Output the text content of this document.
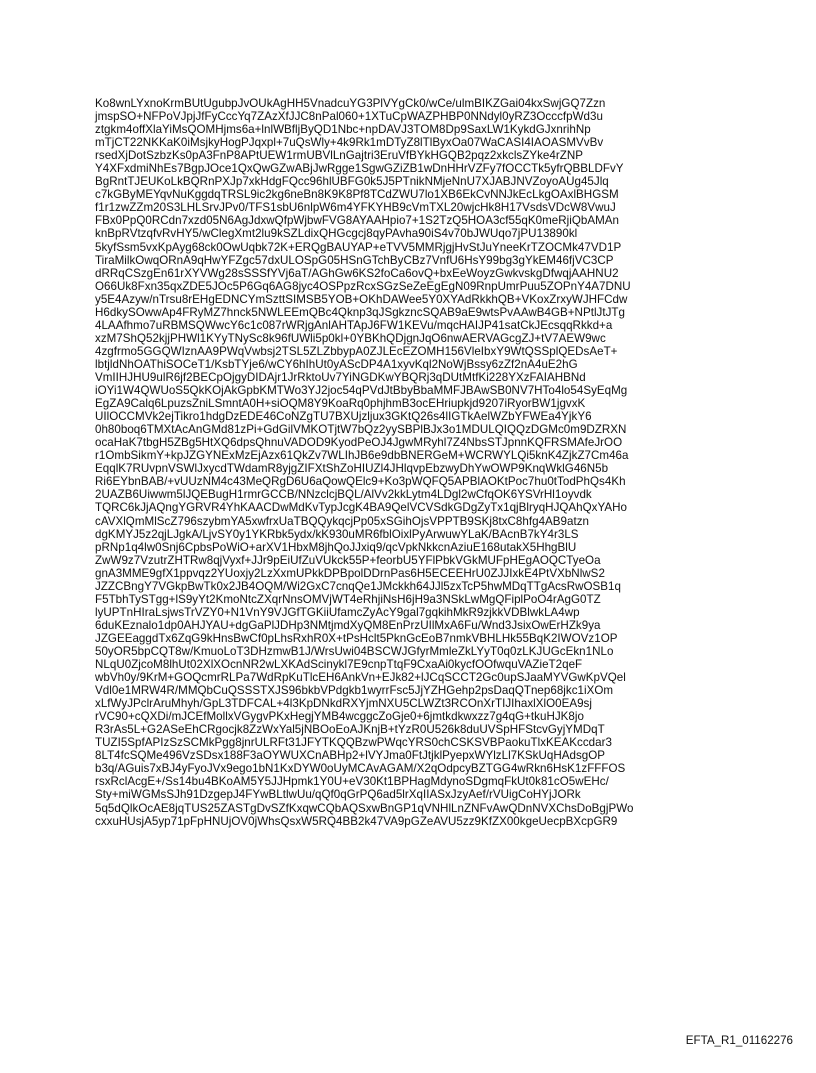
Ko8wnLYxnoKrmBUtUgubpJvOUkAgHH5VnadcuYG3PlVYgCk0/wCe/ulmBIKZGai04kxSwjGQ7Zzn
jmspSO+NFPoVJpjJfFyCccYq7ZAzXfJJC8nPal060+1XTuCpWAZPHBP0NNdyl0yRZ3OcccfpWd3u
ztgkm4offXlaYiMsQOMHjms6a+lnlWBfljByQD1Nbc+npDAVJ3TOM8Dp9SaxLW1KykdGJxnrihNp
mTjCT22NKKaK0iMsjkyHogPJqxpl+7uQsWly+4k9Rk1mDTyZ8lTlByxOa07WaCASI4IAOASMVvBv
rsedXjDotSzbzKs0pA3FnP8APtUEW1rmUBVlLnGajtri3EruVfBYkHGQB2pqz2xkclsZYke4rZNP
Y4XFxdmiNhEs7BgpJOce1QxQwGZwABjJwRgge1SgwGZiZB1wDnHHrVZFy7fOCCTk5yfrQBBLDFvY
BgRntTJEUKoLkBQRnPXJp7xkHdgFQcc96hlUBFG0k5J5PTnikNMjeNnU7XJABJNVZoyoAUg45Jlq
c7kGByMEYqvNuKggdqTRSL9ic2kg6neBn8K9K8Pf8TCdZWU7lo1XB6EkCvNNJkEcLkgOAxlBHGSM
f1r1zwZZm20S3LHLSrvJPv0/TFS1sbU6nlpW6m4YFKYHB9cVmTXL20wjcHk8H17VsdsVDcW8VwuJ
FBx0PpQ0RCdn7xzd05N6AgJdxwQfpWjbwFVG8AYAAHpio7+1S2TzQ5HOA3cf55qK0meRjiQbAMAn
knBpRVtzqfvRvHY5/wClegXmt2lu9kSZLdixQHGcgcj8qyPAvha90iS4v70bJWUqo7jPU13890kl
5kyfSsm5vxKpAyg68ck0OwUqbk72K+ERQgBAUYAP+eTVV5MMRjgjHvStJuYneeKrTZOCMk47VD1P
TiraMilkOwqORnA9qHwYFZgc57dxULOSpG05HSnGTchByCBz7VnfU6HsY99bg3gYkEM46fjVC3CP
dRRqCSzgEn61rXYVWg28sSSSfYVj6aT/AGhGw6KS2foCa6ovQ+bxEeWoyzGwkvskgDfwqjAAHNU2
O66Uk8Fxn35qxZDE5JOc5P6Gq6AG8jyc4OSPpzRcxSGzSeZeEgEgN09RnpUmrPuu5ZOPnY4A7DNU
y5E4Azyw/nTrsu8rEHgEDNCYmSzttSIMSB5YOB+OKhDAWee5Y0XYAdRkkhQB+VKoxZrxyWJHFCdw
H6dkySOwwAp4FRyMZ7hnck5NWLEEmQBc4Qknp3qJSgkzncSQAB9aE9wtsPvAAwB4GB+NPtlJtJTg
4LAAfhmo7uRBMSQWwcY6c1c087rWRjgAnlAHTApJ6FW1KEVu/mqcHAIJP41satCkJEcsqqRkkd+a
xzM7ShQ52kjjPHWl1KYyTNySc8k96fUWli5p0kl+0YBKhQDjgnJqO6nwAERVAGcgZJ+tV7AEW9wc
4zgfrmo5GGQWIznAA9PWqVwbsj2TSL5ZLZbbypA0ZJLEcEZOMH156VleIbxY9WtQSSplQEDsAeT+
lbtjldNhOAThiSOCeT1/KsbTYje6/wCY6hIhUt0yAScDP4A1xyvKql2NoWjBssy6zZf2nA4uE2hG
VmIIHJHU9ulR6jf2BECpOjgyDIDAjr1JrRktoUv7YiNGDKwYBQRj3qDUtMtfKi228YXzFAIAHBNd
iOYi1W4QWUoS5QkKOjAkGpbKMTWo3YJ2joc54qPVdJtBbyBbaMMFJBAwSB0NV7HTo4lo54SyEqMg
EgZA9Calq6LpuzsZniLSmntA0H+siOQM8Y9KoaRq0phjhmB3ocEHriupkjd9207iRyorBW1jgvxK
UIlOCCMVk2ejTikro1hdgDzEDE46CoNZgTU7BXUjzljux3GKtQ26s4lIGTkAelWZbYFWEa4YjkY6
0h80boq6TMXtAcAnGMd81zPi+GdGilVMKOTjtW7bQz2yySBPlBJx3o1MDULQIQQzDGMc0m9DZRXN
ocaHaK7tbgH5ZBg5HtXQ6dpsQhnuVADOD9KyodPeOJ4JgwMRyhl7Z4NbsSTJpnnKQFRSMAfeJrOO
r1OmbSikmY+kpJZGYNExMzEjAzx61QkZv7WLIhJB6e9dbBNERGeM+WCRWYLQi5knK4ZjkZ7Cm46a
EqqlK7RUvpnVSWlJxycdTWdamR8yjgZIFXtShZoHIUZl4JHlqvpEbzwyDhYwOWP9KnqWklG46N5b
Ri6EYbnBAB/+vUUzNM4c43MeQRgD6U6aQowQElc9+Ko3pWQFQ5APBlAOKtPoc7hu0tTodPhQs4Kh
2UAZB6Uiwwm5lJQEBugH1rmrGCCB/NNzclcjBQL/AlVv2kkLytm4LDgl2wCfqOK6YSVrHl1oyvdk
TQRC6kJjAQngYGRVR4YhKAACDwMdKvTypJcgK4BA9QelVCVSdkGDgZyTx1qjBlryqHJQAhQxYAHo
cAVXlQmMlScZ796szybmYA5xwfrxUaTBQQykqcjPp05xSGihOjsVPPTB9SKj8txC8hfg4AB9atzn
dgKMYJ5z2qjLJgkA/LjvSY0y1YKRbk5ydx/kK930uMR6fblOixlPyArwuwYLaK/BAcnB7kY4r3LS
pRNp1q4lw0Snj6CpbsPoWiO+arXV1HbxM8jhQoJJxiq9/qcVpkNkkcnAziuE168utakX5HhgBlU
ZwW9z7VzutrZHTRw8qjVyxf+JJr9pEiUfZuVUkck55P+feorbU5YFlPbkVGkMUFpHEgAOQCTyeOa
gnA3MME9gfX1ppvqz2YUoxjy2LzXxmUPkkDPBpolDDrnPas6H5ECEEHrU0ZJJIxkE4PtVXbNlwS2
JZZCBngY7VGkpBwTk0x2JB4OQM/Wi2GxC7cnqQe1JMckkh64JJl5zxTcP5hwMDqTTgAcsRwOSB1q
F5TbhTySTgg+lS9yYt2KmoNtcZXqrNnsOMVjWT4eRhjiNsH6jH9a3NSkLwMgQFiplPoO4rAgG0TZ
lyUPTnHIraLsjwsTrVZY0+N1VnY9VJGfTGKiiUfamcZyAcY9gal7gqkihMkR9zjkkVDBlwkLA4wp
6duKEznalo1dp0AHJYAU+dgGaPlJDHp3NMtjmdXyQM8EnPrzUIlMxA6Fu/Wnd3JsixOwErHZk9ya
JZGEEaggdTx6ZqG9kHnsBwCf0pLhsRxhR0X+tPsHclt5PknGcEoB7nmkVBHLHk55BqK2IWOVz1OP
50yOR5bpCQT8w/KmuoLoT3DHzmwB1J/WrsUwi04BSCWJGfyrMmleZkLYyT0q0zLKJUGcEkn1NLo
NLqU0ZjcoM8lhUt02XlXOcnNR2wLXKAdScinykl7E9cnpTtqF9CxaAi0kycfOOfwquVAZieT2qeF
wbVh0y/9KrM+GOQcmrRLPa7WdRpKuTlcEH6AnkVn+EJk82+lJCqSCCT2Gc0upSJaaMYVGwKpVQel
Vdl0e1MRW4R/MMQbCuQSSSTXJS96bkbVPdgkb1wyrrFsc5JjYZHGehp2psDaqQTnep68jkc1iXOm
xLfWyJPclrAruMhyh/GpL3TDFCAL+4l3KpDNkdRXYjmNXU5CLWZt3RCOnXrTIJIhaxlXlO0EA9sj
rVC90+cQXDi/mJCEfMollxVGygvPKxHegjYMB4wcggcZoGje0+6jmtkdkwxzz7g4qG+tkuHJK8jo
R3rAs5L+G2ASeEhCRgocjk8ZzWxYal5jNBOoEoAJKnjB+tYzR0U526k8duUVSpHFStcvGyjYMDqT
TUZI5SpfAPIzSzSCMkPgg8jnrULRFt31JFYTKQQBzwPWqcYRS0chCSKSVBPaokuTlxKEAKccdar3
8LT4fcSQMe496VzSDsx188F3aOYWUXCnABHp2+lVYJma0FtJtjklPyepxWYlzLl7KSkUqHAdsgOP
b3q/AGuis7xBJ4yFyoJVx9ego1bN1KxDYW0oUyMCAvAGAM/X2qOdpcyBZTGG4wRkn6HsK1zFFFOS
rsxRclAcgE+/Ss14bu4BKoAM5Y5JJHpmk1Y0U+eV30Kt1BPHagMdynoSDgmqFkUt0k81cO5wEHc/
Sty+miWGMsSJh91DzgepJ4FYwBLtlwUu/qQf0qGrPQ6ad5lrXqIIASxJzyAef/rVUigCoHYjJORk
5q5dQlkOcAE8jqTUS25ZASTgDvSZfKxqwCQbAQSxwBnGP1qVNHlLnZNFvAwQDnNVXChsDoBgjPWo
cxxuHUsjA5yp71pFpHNUjOV0jWhsQsxW5RQ4BB2k47VA9pGZeAVU5zz9KfZX00kgeUecpBXcpGR9
EFTA_R1_01162276
